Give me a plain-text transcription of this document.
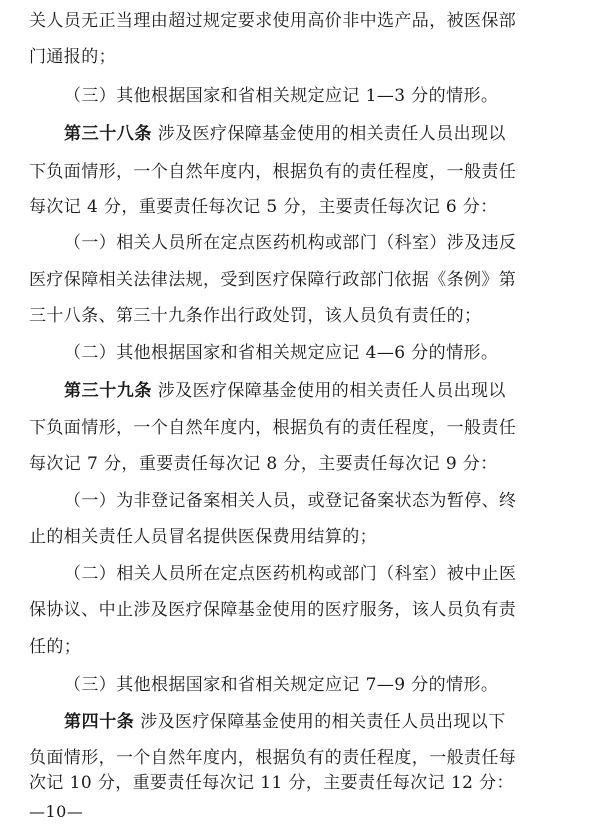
关人员无正当理由超过规定要求使用高价非中选产品，被医保部
门通报的；
（三）其他根据国家和省相关规定应记 1—3 分的情形。
第三十八条 涉及医疗保障基金使用的相关责任人员出现以
下负面情形，一个自然年度内，根据负有的责任程度，一般责任
每次记 4 分，重要责任每次记 5 分，主要责任每次记 6 分：
（一）相关人员所在定点医药机构或部门（科室）涉及违反
医疗保障相关法律法规，受到医疗保障行政部门依据《条例》第
三十八条、第三十九条作出行政处罚，该人员负有责任的；
（二）其他根据国家和省相关规定应记 4—6 分的情形。
第三十九条 涉及医疗保障基金使用的相关责任人员出现以
下负面情形，一个自然年度内，根据负有的责任程度，一般责任
每次记 7 分，重要责任每次记 8 分，主要责任每次记 9 分：
（一）为非登记备案相关人员，或登记备案状态为暂停、终
止的相关责任人员冒名提供医保费用结算的；
（二）相关人员所在定点医药机构或部门（科室）被中止医
保协议、中止涉及医疗保障基金使用的医疗服务，该人员负有责
任的；
（三）其他根据国家和省相关规定应记 7—9 分的情形。
第四十条 涉及医疗保障基金使用的相关责任人员出现以下
负面情形，一个自然年度内，根据负有的责任程度，一般责任每
次记 10 分，重要责任每次记 11 分，主要责任每次记 12 分：
—10—
